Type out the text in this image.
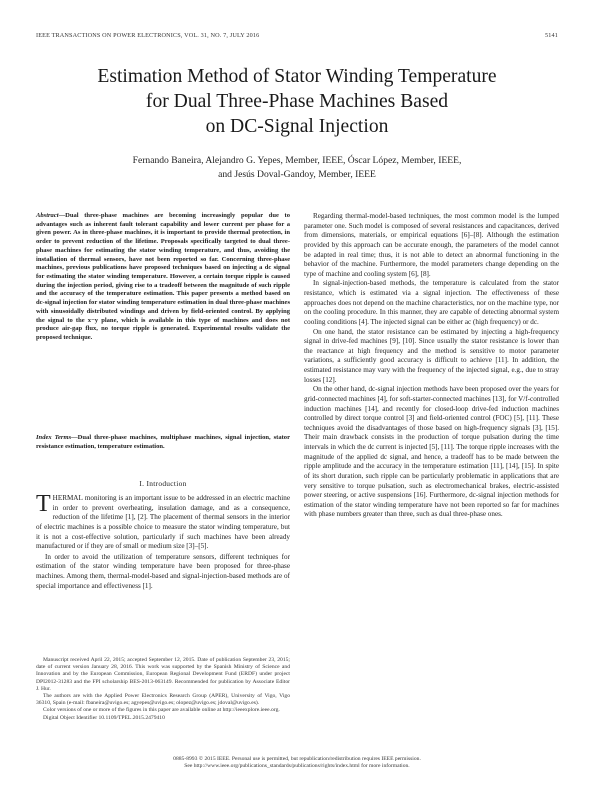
IEEE TRANSACTIONS ON POWER ELECTRONICS, VOL. 31, NO. 7, JULY 2016	5141
Estimation Method of Stator Winding Temperature
for Dual Three-Phase Machines Based
on DC-Signal Injection
Fernando Baneira, Alejandro G. Yepes, Member, IEEE, Óscar López, Member, IEEE,
and Jesús Doval-Gandoy, Member, IEEE
Abstract—Dual three-phase machines are becoming increasingly popular due to advantages such as inherent fault tolerant capability and lower current per phase for a given power. As in three-phase machines, it is important to provide thermal protection, in order to prevent reduction of the lifetime. Proposals specifically targeted to dual three-phase machines for estimating the stator winding temperature, and thus, avoiding the installation of thermal sensors, have not been reported so far. Concerning three-phase machines, previous publications have proposed techniques based on injecting a dc signal for estimating the stator winding temperature. However, a certain torque ripple is caused during the injection period, giving rise to a tradeoff between the magnitude of such ripple and the accuracy of the temperature estimation. This paper presents a method based on dc-signal injection for stator winding temperature estimation in dual three-phase machines with sinusoidally distributed windings and driven by field-oriented control. By applying the signal to the x−y plane, which is available in this type of machines and does not produce air-gap flux, no torque ripple is generated. Experimental results validate the proposed technique.
Index Terms—Dual three-phase machines, multiphase machines, signal injection, stator resistance estimation, temperature estimation.
I. Introduction

THERMAL monitoring is an important issue to be addressed in an electric machine in order to prevent overheating, insulation damage, and as a consequence, reduction of the lifetime [1], [2]. The placement of thermal sensors in the interior of electric machines is a possible choice to measure the stator winding temperature, but it is not a cost-effective solution, particularly if such machines have been already manufactured or if they are of small or medium size [3]–[5].

In order to avoid the utilization of temperature sensors, different techniques for estimation of the stator winding temperature have been proposed for three-phase machines. Among them, thermal-model-based and signal-injection-based methods are of special importance and effectiveness [1].

Manuscript received April 22, 2015; accepted September 12, 2015. Date of publication September 23, 2015; date of current version January 28, 2016. This work was supported by the Spanish Ministry of Science and Innovation and by the European Commission, European Regional Development Fund (ERDF) under project DPI2012-31283 and the FPI scholarship BES-2013-063149. Recommended for publication by Associate Editor J. Hur.

The authors are with the Applied Power Electronics Research Group (APER), University of Vigo, Vigo 36310, Spain (e-mail: fbaneira@uvigo.es; agyepes@uvigo.es; olopez@uvigo.es; jdoval@uvigo.es).

Color versions of one or more of the figures in this paper are available online at http://ieeexplore.ieee.org.

Digital Object Identifier 10.1109/TPEL.2015.2479410

Regarding thermal-model-based techniques, the most common model is the lumped parameter one. Such model is composed of several resistances and capacitances, derived from dimensions, materials, or empirical equations [6]–[8]. Although the estimation provided by this approach can be accurate enough, the parameters of the model cannot be adapted in real time; thus, it is not able to detect an abnormal functioning in the behavior of the machine. Furthermore, the model parameters change depending on the type of machine and cooling system [6], [8].

In signal-injection-based methods, the temperature is calculated from the stator resistance, which is estimated via a signal injection. The effectiveness of these approaches does not depend on the machine characteristics, nor on the machine type, nor on the cooling procedure. In this manner, they are capable of detecting abnormal system cooling conditions [4]. The injected signal can be either ac (high frequency) or dc.

On one hand, the stator resistance can be estimated by injecting a high-frequency signal in drive-fed machines [9], [10]. Since usually the stator resistance is lower than the reactance at high frequency and the method is sensitive to motor parameter variations, a sufficiently good accuracy is difficult to achieve [11]. In addition, the estimated resistance may vary with the frequency of the injected signal, e.g., due to stray losses [12].

On the other hand, dc-signal injection methods have been proposed over the years for grid-connected machines [4], for soft-starter-connected machines [13], for V/f-controlled induction machines [14], and recently for closed-loop drive-fed induction machines controlled by direct torque control [3] and field-oriented control (FOC) [5], [11]. These techniques avoid the disadvantages of those based on high-frequency signals [3], [15]. Their main drawback consists in the production of torque pulsation during the time intervals in which the dc current is injected [5], [11]. The torque ripple increases with the magnitude of the applied dc signal, and hence, a tradeoff has to be made between the ripple amplitude and the accuracy in the temperature estimation [11], [14], [15]. In spite of its short duration, such ripple can be particularly problematic in applications that are very sensitive to torque pulsation, such as electromechanical brakes, electric-assisted power steering, or active suspensions [16]. Furthermore, dc-signal injection methods for estimation of the stator winding temperature have not been reported so far for machines with phase numbers greater than three, such as dual three-phase ones.

0885-8993 © 2015 IEEE. Personal use is permitted, but republication/redistribution requires IEEE permission.
See http://www.ieee.org/publications_standards/publications/rights/index.html for more information.
